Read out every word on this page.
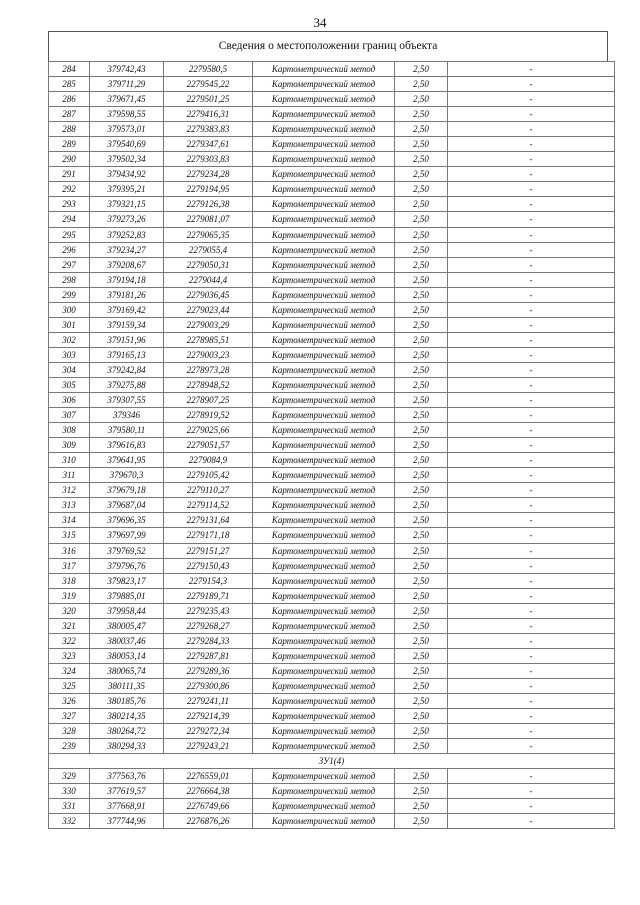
34
Сведения о местоположении границ объекта
284	379742,43	2279580,5	Картометрический метод	2,50	-
285	379711,29	2279545,22	Картометрический метод	2,50	-
286	379671,45	2279501,25	Картометрический метод	2,50	-
287	379598,55	2279416,31	Картометрический метод	2,50	-
288	379573,01	2279383,83	Картометрический метод	2,50	-
289	379540,69	2279347,61	Картометрический метод	2,50	-
290	379502,34	2279303,83	Картометрический метод	2,50	-
291	379434,92	2279234,28	Картометрический метод	2,50	-
292	379395,21	2279194,95	Картометрический метод	2,50	-
293	379321,15	2279126,38	Картометрический метод	2,50	-
294	379273,26	2279081,07	Картометрический метод	2,50	-
295	379252,83	2279065,35	Картометрический метод	2,50	-
296	379234,27	2279055,4	Картометрический метод	2,50	-
297	379208,67	2279050,31	Картометрический метод	2,50	-
298	379194,18	2279044,4	Картометрический метод	2,50	-
299	379181,26	2279036,45	Картометрический метод	2,50	-
300	379169,42	2279023,44	Картометрический метод	2,50	-
301	379159,34	2279003,29	Картометрический метод	2,50	-
302	379151,96	2278985,51	Картометрический метод	2,50	-
303	379165,13	2279003,23	Картометрический метод	2,50	-
304	379242,84	2278973,28	Картометрический метод	2,50	-
305	379275,88	2278948,52	Картометрический метод	2,50	-
306	379307,55	2278907,25	Картометрический метод	2,50	-
307	379346	2278919,52	Картометрический метод	2,50	-
308	379580,11	2279025,66	Картометрический метод	2,50	-
309	379616,83	2279051,57	Картометрический метод	2,50	-
310	379641,95	2279084,9	Картометрический метод	2,50	-
311	379670,3	2279105,42	Картометрический метод	2,50	-
312	379679,18	2279110,27	Картометрический метод	2,50	-
313	379687,04	2279114,52	Картометрический метод	2,50	-
314	379696,35	2279131,64	Картометрический метод	2,50	-
315	379697,99	2279171,18	Картометрический метод	2,50	-
316	379769,52	2279151,27	Картометрический метод	2,50	-
317	379796,76	2279150,43	Картометрический метод	2,50	-
318	379823,17	2279154,3	Картометрический метод	2,50	-
319	379885,01	2279189,71	Картометрический метод	2,50	-
320	379958,44	2279235,43	Картометрический метод	2,50	-
321	380005,47	2279268,27	Картометрический метод	2,50	-
322	380037,46	2279284,33	Картометрический метод	2,50	-
323	380053,14	2279287,81	Картометрический метод	2,50	-
324	380065,74	2279289,36	Картометрический метод	2,50	-
325	380111,35	2279300,86	Картометрический метод	2,50	-
326	380185,76	2279241,11	Картометрический метод	2,50	-
327	380214,35	2279214,39	Картометрический метод	2,50	-
328	380264,72	2279272,34	Картометрический метод	2,50	-
239	380294,33	2279243,21	Картометрический метод	2,50	-
ЗУ1(4)					
329	377563,76	2276559,01	Картометрический метод	2,50	-
330	377619,57	2276664,38	Картометрический метод	2,50	-
331	377668,91	2276749,66	Картометрический метод	2,50	-
332	377744,96	2276876,26	Картометрический метод	2,50	-
